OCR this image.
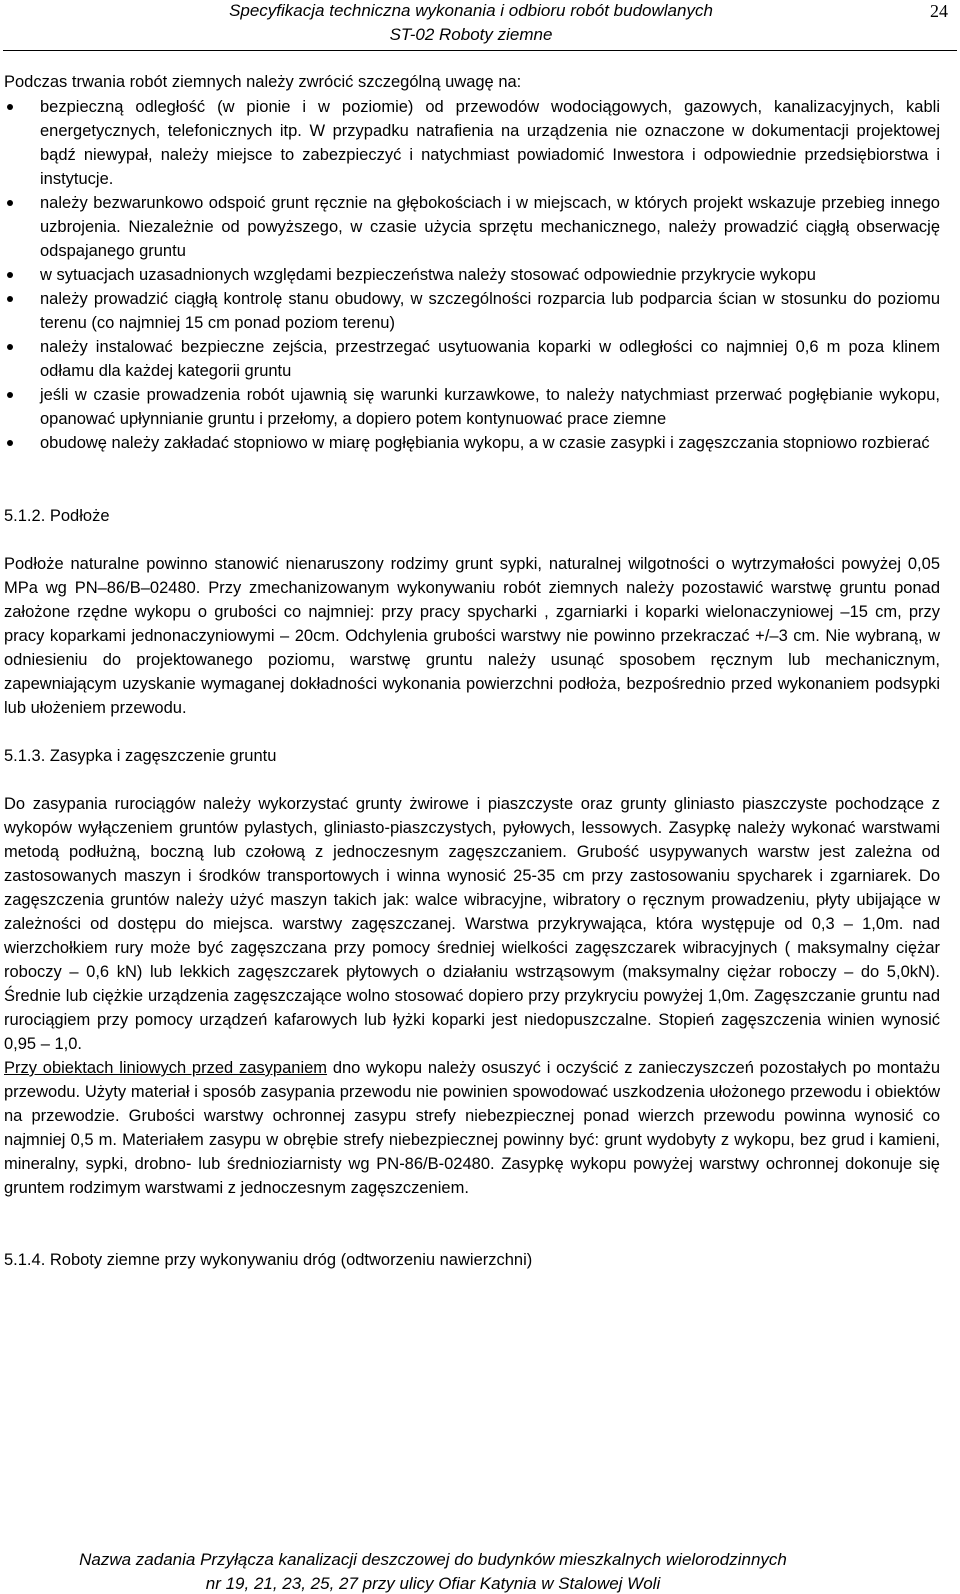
Specyfikacja techniczna wykonania i odbioru robót budowlanych
ST-02 Roboty ziemne
24

Podczas trwania robót ziemnych należy zwrócić szczególną uwagę na:

bezpieczną odległość (w pionie i w poziomie) od przewodów wodociągowych, gazowych, kanalizacyjnych, kabli energetycznych, telefonicznych itp. W przypadku natrafienia na urządzenia nie oznaczone w dokumentacji projektowej bądź niewypał, należy miejsce to zabezpieczyć i natychmiast powiadomić Inwestora i odpowiednie przedsiębiorstwa i instytucje.
należy bezwarunkowo odspoić grunt ręcznie na głębokościach i w miejscach, w których projekt wskazuje przebieg innego uzbrojenia. Niezależnie od powyższego, w czasie użycia sprzętu mechanicznego, należy prowadzić ciągłą obserwację odspajanego gruntu
w sytuacjach uzasadnionych względami bezpieczeństwa należy stosować odpowiednie przykrycie wykopu
należy prowadzić ciągłą kontrolę stanu obudowy, w szczególności rozparcia lub podparcia ścian w stosunku do poziomu terenu (co najmniej 15 cm ponad poziom terenu)
należy instalować bezpieczne zejścia, przestrzegać usytuowania koparki w odległości co najmniej 0,6 m poza klinem odłamu dla każdej kategorii gruntu
jeśli w czasie prowadzenia robót ujawnią się warunki kurzawkowe, to należy natychmiast przerwać pogłębianie wykopu, opanować upłynnianie gruntu i przełomy, a dopiero potem kontynuować prace ziemne
obudowę należy zakładać stopniowo w miarę pogłębiania wykopu, a w czasie zasypki i zagęszczania stopniowo rozbierać

5.1.2. Podłoże

Podłoże naturalne powinno stanowić nienaruszony rodzimy grunt sypki, naturalnej wilgotności o wytrzymałości powyżej 0,05 MPa wg PN–86/B–02480. Przy zmechanizowanym wykonywaniu robót ziemnych należy pozostawić warstwę gruntu ponad założone rzędne wykopu o grubości co najmniej: przy pracy spycharki , zgarniarki i koparki wielonaczyniowej –15 cm, przy pracy koparkami jednonaczyniowymi – 20cm. Odchylenia grubości warstwy nie powinno przekraczać +/–3 cm. Nie wybraną, w odniesieniu do projektowanego poziomu, warstwę gruntu należy usunąć sposobem ręcznym lub mechanicznym, zapewniającym uzyskanie wymaganej dokładności wykonania powierzchni podłoża, bezpośrednio przed wykonaniem podsypki lub ułożeniem przewodu.

5.1.3. Zasypka i zagęszczenie gruntu

Do zasypania rurociągów należy wykorzystać grunty żwirowe i piaszczyste oraz grunty gliniasto piaszczyste pochodzące z wykopów wyłączeniem gruntów pylastych, gliniasto-piaszczystych, pyłowych, lessowych. Zasypkę należy wykonać warstwami metodą podłużną, boczną lub czołową z jednoczesnym zagęszczaniem. Grubość usypywanych warstw jest zależna od zastosowanych maszyn i środków transportowych i winna wynosić 25-35 cm przy zastosowaniu spycharek i zgarniarek. Do zagęszczenia gruntów należy użyć maszyn takich jak: walce wibracyjne, wibratory o ręcznym prowadzeniu, płyty ubijające w zależności od dostępu do miejsca. warstwy zagęszczanej. Warstwa przykrywająca, która występuje od 0,3 – 1,0m. nad wierzchołkiem rury może być zagęszczana przy pomocy średniej wielkości zagęszczarek wibracyjnych ( maksymalny ciężar roboczy – 0,6 kN) lub lekkich zagęszczarek płytowych o działaniu wstrząsowym (maksymalny ciężar roboczy – do 5,0kN). Średnie lub ciężkie urządzenia zagęszczające wolno stosować dopiero przy przykryciu powyżej 1,0m. Zagęszczanie gruntu nad rurociągiem przy pomocy urządzeń kafarowych lub łyżki koparki jest niedopuszczalne. Stopień zagęszczenia winien wynosić 0,95 – 1,0.

Przy obiektach liniowych przed zasypaniem dno wykopu należy osuszyć i oczyścić z zanieczyszczeń pozostałych po montażu przewodu. Użyty materiał i sposób zasypania przewodu nie powinien spowodować uszkodzenia ułożonego przewodu i obiektów na przewodzie. Grubości warstwy ochronnej zasypu strefy niebezpiecznej ponad wierzch przewodu powinna wynosić co najmniej 0,5 m. Materiałem zasypu w obrębie strefy niebezpiecznej powinny być: grunt wydobyty z wykopu, bez grud i kamieni, mineralny, sypki, drobno- lub średnioziarnisty wg PN-86/B-02480. Zasypkę wykopu powyżej warstwy ochronnej dokonuje się gruntem rodzimym warstwami z jednoczesnym zagęszczeniem.

5.1.4. Roboty ziemne przy wykonywaniu dróg (odtworzeniu nawierzchni)

Nazwa zadania Przyłącza kanalizacji deszczowej do budynków mieszkalnych wielorodzinnych
nr 19, 21, 23, 25, 27 przy ulicy Ofiar Katynia w Stalowej Woli
